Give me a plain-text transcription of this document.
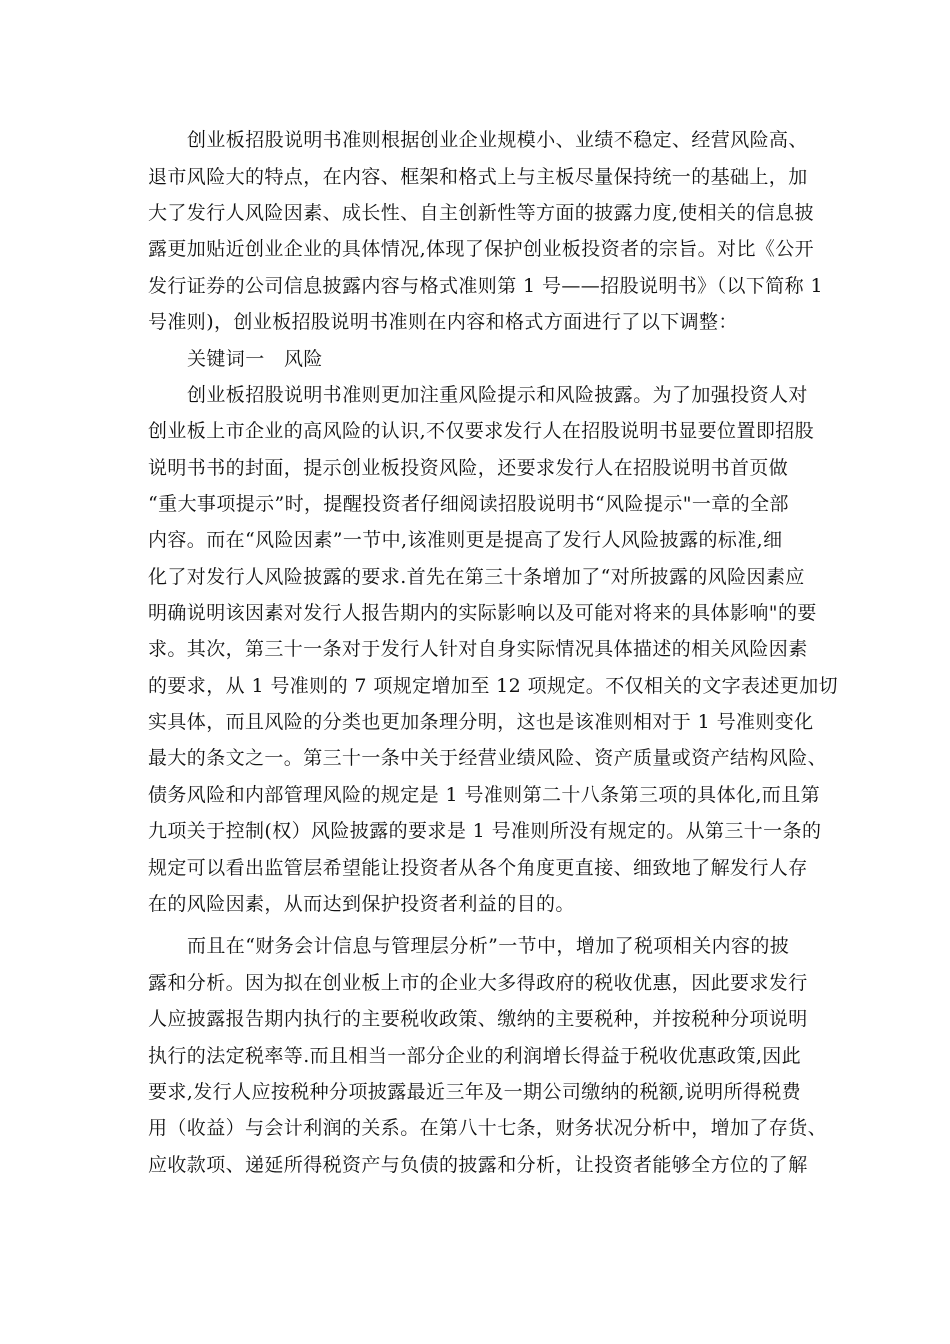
创业板招股说明书准则根据创业企业规模小、业绩不稳定、经营风险高、
退市风险大的特点，在内容、框架和格式上与主板尽量保持统一的基础上，加
大了发行人风险因素、成长性、自主创新性等方面的披露力度,使相关的信息披
露更加贴近创业企业的具体情况,体现了保护创业板投资者的宗旨。对比《公开
发行证券的公司信息披露内容与格式准则第 1 号——招股说明书》（以下简称 1
号准则)，创业板招股说明书准则在内容和格式方面进行了以下调整：
关键词一　风险
创业板招股说明书准则更加注重风险提示和风险披露。为了加强投资人对
创业板上市企业的高风险的认识,不仅要求发行人在招股说明书显要位置即招股
说明书书的封面，提示创业板投资风险，还要求发行人在招股说明书首页做
“重大事项提示”时，提醒投资者仔细阅读招股说明书“风险提示"一章的全部
内容。而在“风险因素”一节中,该准则更是提高了发行人风险披露的标准,细
化了对发行人风险披露的要求.首先在第三十条增加了“对所披露的风险因素应
明确说明该因素对发行人报告期内的实际影响以及可能对将来的具体影响"的要
求。其次，第三十一条对于发行人针对自身实际情况具体描述的相关风险因素
的要求，从 1 号准则的 7 项规定增加至 12 项规定。不仅相关的文字表述更加切
实具体，而且风险的分类也更加条理分明，这也是该准则相对于 1 号准则变化
最大的条文之一。第三十一条中关于经营业绩风险、资产质量或资产结构风险、
债务风险和内部管理风险的规定是 1 号准则第二十八条第三项的具体化,而且第
九项关于控制(权）风险披露的要求是 1 号准则所没有规定的。从第三十一条的
规定可以看出监管层希望能让投资者从各个角度更直接、细致地了解发行人存
在的风险因素，从而达到保护投资者利益的目的。
而且在“财务会计信息与管理层分析”一节中，增加了税项相关内容的披
露和分析。因为拟在创业板上市的企业大多得政府的税收优惠，因此要求发行
人应披露报告期内执行的主要税收政策、缴纳的主要税种，并按税种分项说明
执行的法定税率等.而且相当一部分企业的利润增长得益于税收优惠政策,因此
要求,发行人应按税种分项披露最近三年及一期公司缴纳的税额,说明所得税费
用（收益）与会计利润的关系。在第八十七条，财务状况分析中，增加了存货、
应收款项、递延所得税资产与负债的披露和分析，让投资者能够全方位的了解
